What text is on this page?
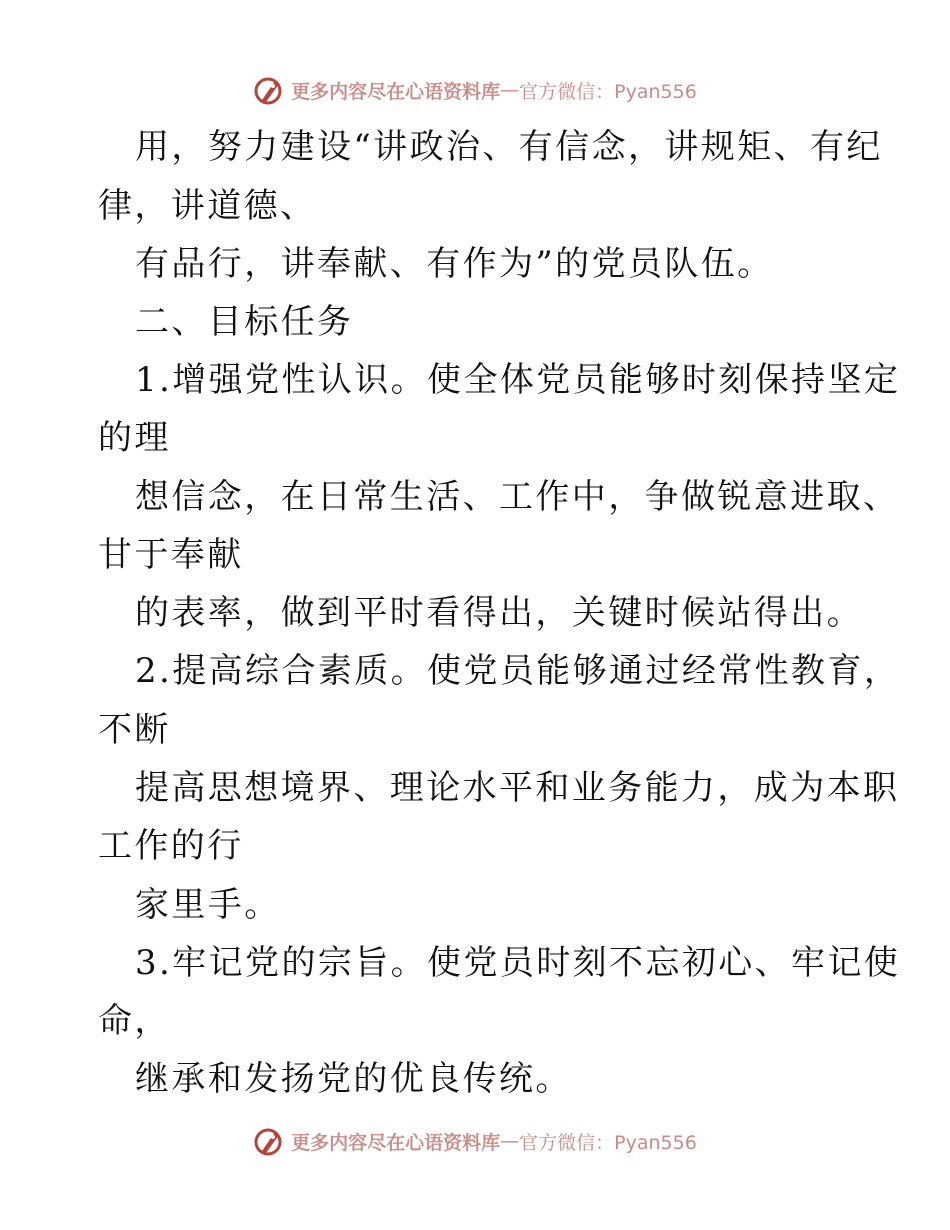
更多内容尽在心语资料库 — 官方微信：Pyan556
用，努力建设“讲政治、有信念，讲规矩、有纪
律，讲道德、
有品行，讲奉献、有作为”的党员队伍。
二、目标任务
1.增强党性认识。使全体党员能够时刻保持坚定
的理
想信念，在日常生活、工作中，争做锐意进取、
甘于奉献
的表率，做到平时看得出，关键时候站得出。
2.提高综合素质。使党员能够通过经常性教育，
不断
提高思想境界、理论水平和业务能力，成为本职
工作的行
家里手。
3.牢记党的宗旨。使党员时刻不忘初心、牢记使
命，
继承和发扬党的优良传统。
更多内容尽在心语资料库 — 官方微信：Pyan556
